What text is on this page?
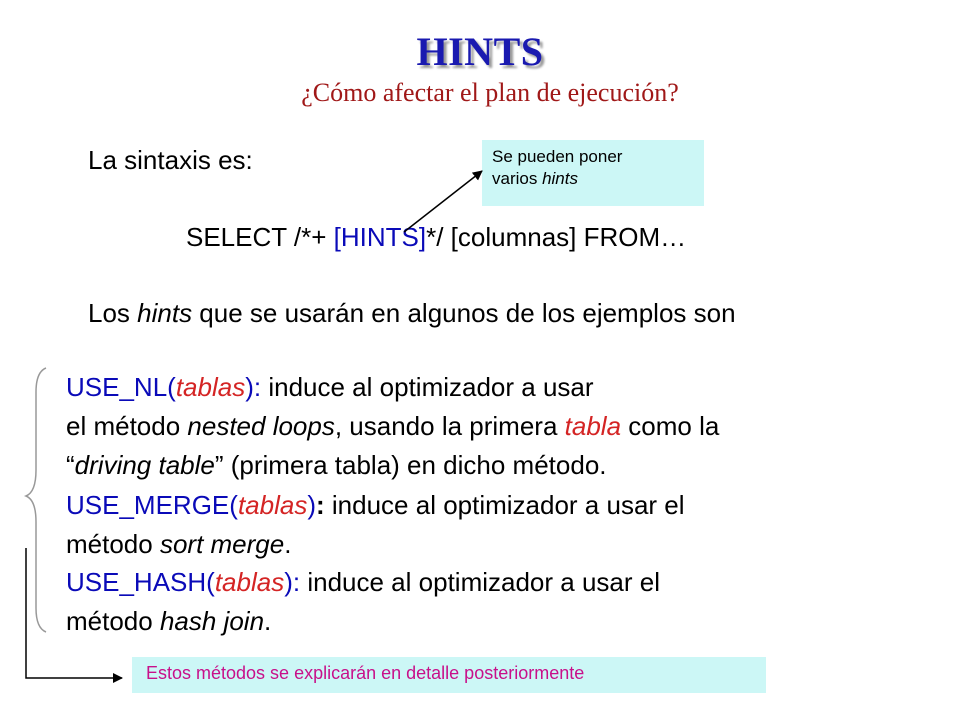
HINTS
¿Cómo afectar el plan de ejecución?
La sintaxis es:	Se pueden poner
varios hints
SELECT /*+ [HINTS]*/ [columnas] FROM…
Los hints que se usarán en algunos de los ejemplos son
USE_NL(tablas): induce al optimizador a usar
el método nested loops, usando la primera tabla como la
“driving table” (primera tabla) en dicho método.
USE_MERGE(tablas): induce al optimizador a usar el
método sort merge.
USE_HASH(tablas): induce al optimizador a usar el
método hash join.
Estos métodos se explicarán en detalle posteriormente
